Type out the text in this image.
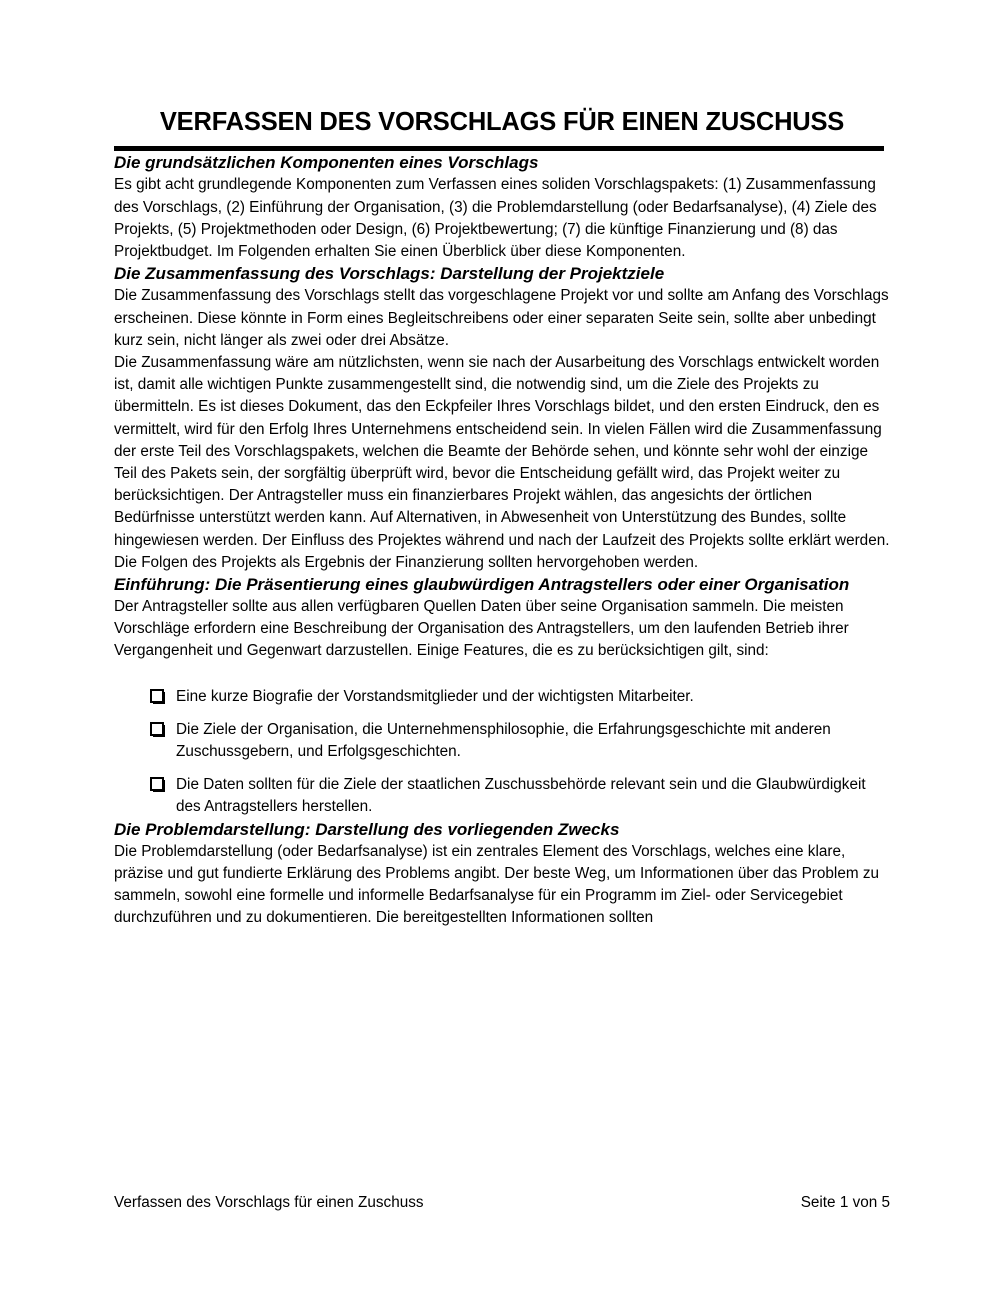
VERFASSEN DES VORSCHLAGS FÜR EINEN ZUSCHUSS
Die grundsätzlichen Komponenten eines Vorschlags

Es gibt acht grundlegende Komponenten zum Verfassen eines soliden Vorschlagspakets: (1) Zusammenfassung des Vorschlags, (2) Einführung der Organisation, (3) die Problemdarstellung (oder Bedarfsanalyse), (4) Ziele des Projekts, (5) Projektmethoden oder Design, (6) Projektbewertung; (7) die künftige Finanzierung und (8) das Projektbudget. Im Folgenden erhalten Sie einen Überblick über diese Komponenten.

Die Zusammenfassung des Vorschlags: Darstellung der Projektziele

Die Zusammenfassung des Vorschlags stellt das vorgeschlagene Projekt vor und sollte am Anfang des Vorschlags erscheinen. Diese könnte in Form eines Begleitschreibens oder einer separaten Seite sein, sollte aber unbedingt kurz sein, nicht länger als zwei oder drei Absätze.

Die Zusammenfassung wäre am nützlichsten, wenn sie nach der Ausarbeitung des Vorschlags entwickelt worden ist, damit alle wichtigen Punkte zusammengestellt sind, die notwendig sind, um die Ziele des Projekts zu übermitteln. Es ist dieses Dokument, das den Eckpfeiler Ihres Vorschlags bildet, und den ersten Eindruck, den es vermittelt, wird für den Erfolg Ihres Unternehmens entscheidend sein. In vielen Fällen wird die Zusammenfassung der erste Teil des Vorschlagspakets, welchen die Beamte der Behörde sehen, und könnte sehr wohl der einzige Teil des Pakets sein, der sorgfältig überprüft wird, bevor die Entscheidung gefällt wird, das Projekt weiter zu berücksichtigen. Der Antragsteller muss ein finanzierbares Projekt wählen, das angesichts der örtlichen Bedürfnisse unterstützt werden kann. Auf Alternativen, in Abwesenheit von Unterstützung des Bundes, sollte hingewiesen werden. Der Einfluss des Projektes während und nach der Laufzeit des Projekts sollte erklärt werden. Die Folgen des Projekts als Ergebnis der Finanzierung sollten hervorgehoben werden.

Einführung: Die Präsentierung eines glaubwürdigen Antragstellers oder einer Organisation

Der Antragsteller sollte aus allen verfügbaren Quellen Daten über seine Organisation sammeln. Die meisten Vorschläge erfordern eine Beschreibung der Organisation des Antragstellers, um den laufenden Betrieb ihrer Vergangenheit und Gegenwart darzustellen. Einige Features, die es zu berücksichtigen gilt, sind:

Eine kurze Biografie der Vorstandsmitglieder und der wichtigsten Mitarbeiter.
Die Ziele der Organisation, die Unternehmensphilosophie, die Erfahrungsgeschichte mit anderen Zuschussgebern, und Erfolgsgeschichten.
Die Daten sollten für die Ziele der staatlichen Zuschussbehörde relevant sein und die Glaubwürdigkeit des Antragstellers herstellen.
Die Problemdarstellung: Darstellung des vorliegenden Zwecks

Die Problemdarstellung (oder Bedarfsanalyse) ist ein zentrales Element des Vorschlags, welches eine klare, präzise und gut fundierte Erklärung des Problems angibt. Der beste Weg, um Informationen über das Problem zu sammeln, sowohl eine formelle und informelle Bedarfsanalyse für ein Programm im Ziel- oder Servicegebiet durchzuführen und zu dokumentieren. Die bereitgestellten Informationen sollten

Verfassen des Vorschlags für einen Zuschuss	Seite 1 von 5
